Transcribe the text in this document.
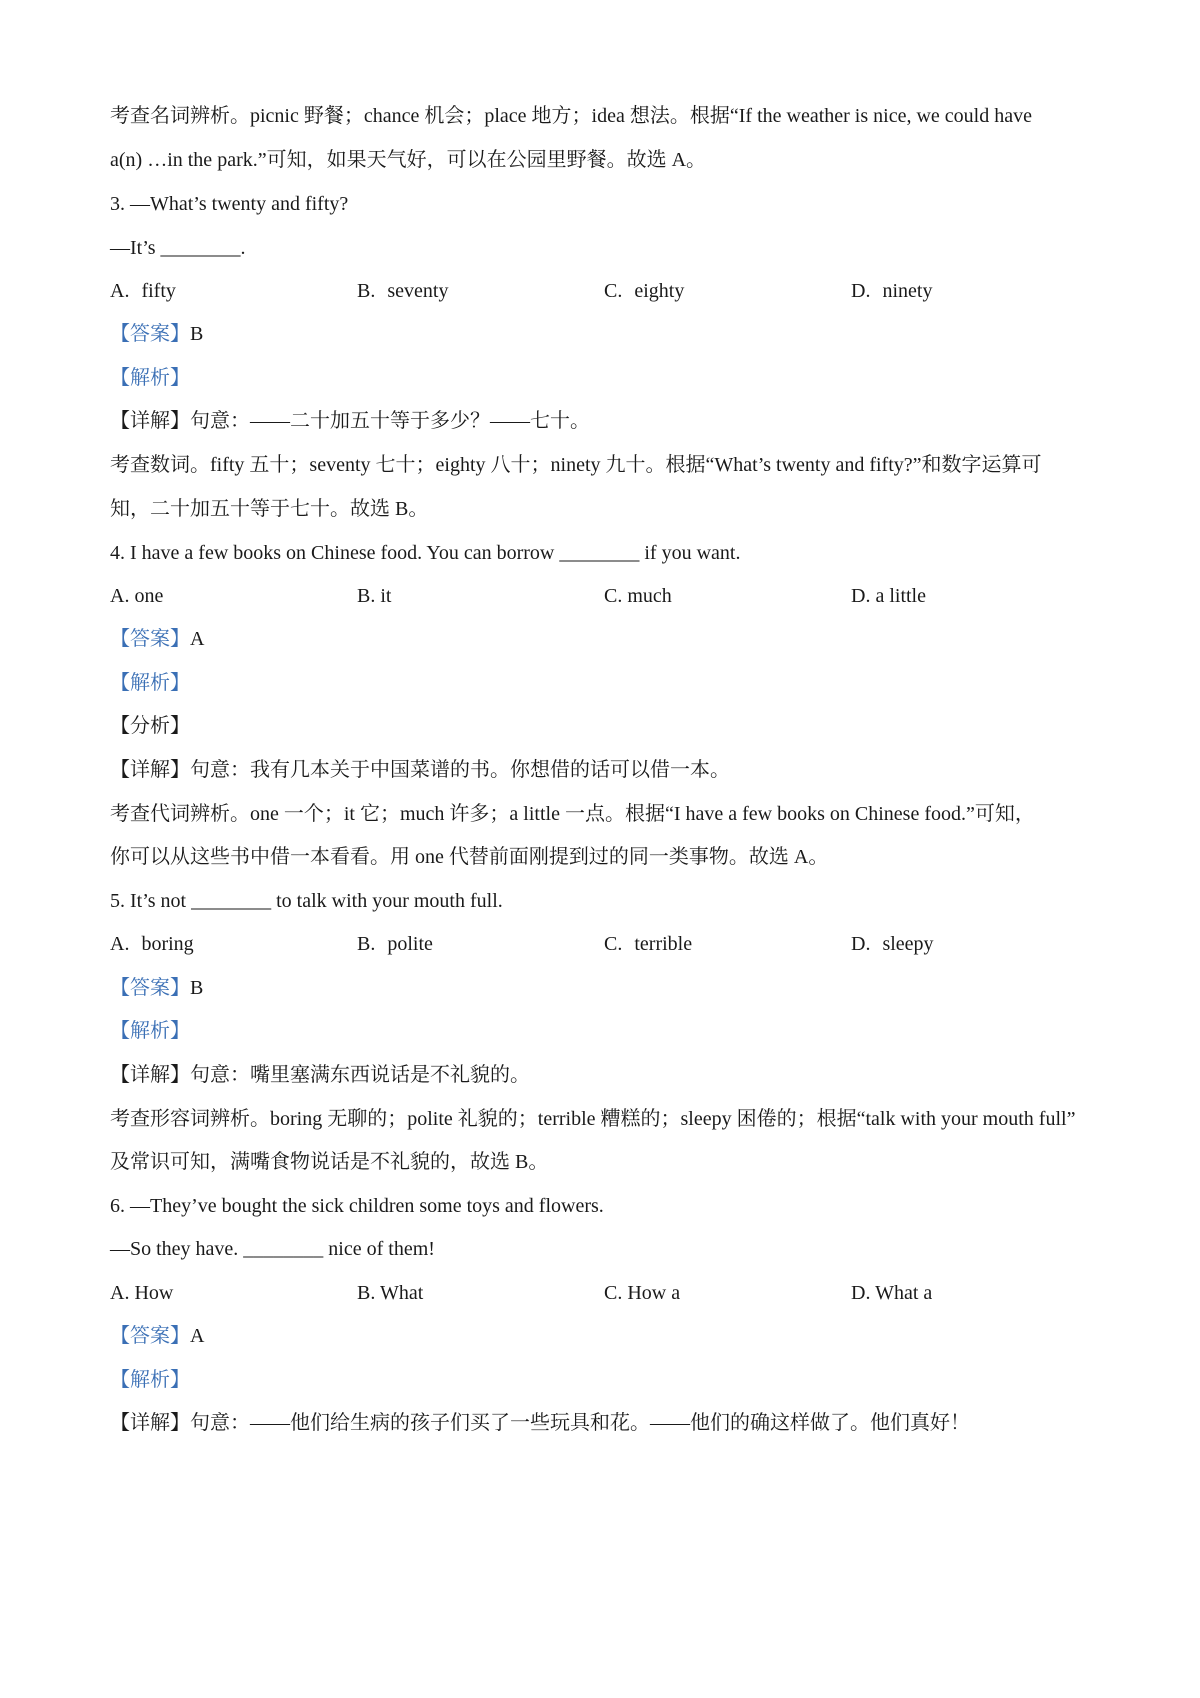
考查名词辨析。picnic 野餐；chance 机会；place 地方；idea 想法。根据“If the weather is nice, we could have
a(n) …in the park.”可知，如果天气好，可以在公园里野餐。故选 A。
3. —What’s twenty and fifty?
—It’s ________.
A. fifty	B. seventy	C. eighty	D. ninety
【答案】B
【解析】
【详解】句意：——二十加五十等于多少？——七十。
考查数词。fifty 五十；seventy 七十；eighty 八十；ninety 九十。根据“What’s twenty and fifty?”和数字运算可
知，二十加五十等于七十。故选 B。
4. I have a few books on Chinese food. You can borrow ________ if you want.
A. one	B. it	C. much	D. a little
【答案】A
【解析】
【分析】
【详解】句意：我有几本关于中国菜谱的书。你想借的话可以借一本。
考查代词辨析。one 一个；it 它；much 许多；a little 一点。根据“I have a few books on Chinese food.”可知，
你可以从这些书中借一本看看。用 one 代替前面刚提到过的同一类事物。故选 A。
5. It’s not ________ to talk with your mouth full.
A. boring	B. polite	C. terrible	D. sleepy
【答案】B
【解析】
【详解】句意：嘴里塞满东西说话是不礼貌的。
考查形容词辨析。boring 无聊的；polite 礼貌的；terrible 糟糕的；sleepy 困倦的；根据“talk with your mouth full”
及常识可知，满嘴食物说话是不礼貌的，故选 B。
6. —They’ve bought the sick children some toys and flowers.
—So they have. ________ nice of them!
A. How	B. What	C. How a	D. What a
【答案】A
【解析】
【详解】句意：——他们给生病的孩子们买了一些玩具和花。——他们的确这样做了。他们真好！
